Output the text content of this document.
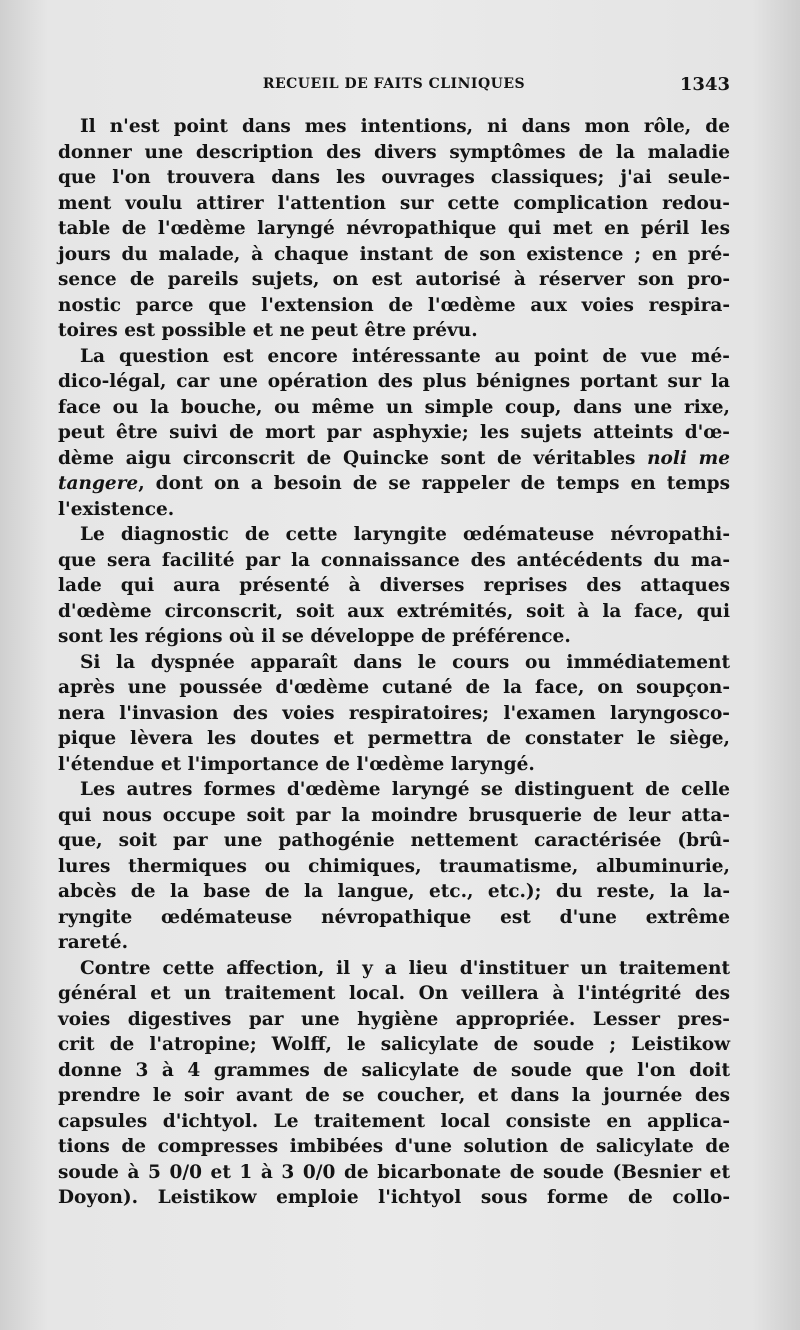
RECUEIL DE FAITS CLINIQUES	1343
Il n'est point dans mes intentions, ni dans mon rôle, de
donner une description des divers symptômes de la maladie
que l'on trouvera dans les ouvrages classiques; j'ai seule-
ment voulu attirer l'attention sur cette complication redou-
table de l'œdème laryngé névropathique qui met en péril les
jours du malade, à chaque instant de son existence ; en pré-
sence de pareils sujets, on est autorisé à réserver son pro-
nostic parce que l'extension de l'œdème aux voies respira-
toires est possible et ne peut être prévu.
La question est encore intéressante au point de vue mé-
dico-légal, car une opération des plus bénignes portant sur la
face ou la bouche, ou même un simple coup, dans une rixe,
peut être suivi de mort par asphyxie; les sujets atteints d'œ-
dème aigu circonscrit de Quincke sont de véritables noli me
tangere, dont on a besoin de se rappeler de temps en temps
l'existence.
Le diagnostic de cette laryngite œdémateuse névropathi-
que sera facilité par la connaissance des antécédents du ma-
lade qui aura présenté à diverses reprises des attaques
d'œdème circonscrit, soit aux extrémités, soit à la face, qui
sont les régions où il se développe de préférence.
Si la dyspnée apparaît dans le cours ou immédiatement
après une poussée d'œdème cutané de la face, on soupçon-
nera l'invasion des voies respiratoires; l'examen laryngosco-
pique lèvera les doutes et permettra de constater le siège,
l'étendue et l'importance de l'œdème laryngé.
Les autres formes d'œdème laryngé se distinguent de celle
qui nous occupe soit par la moindre brusquerie de leur atta-
que, soit par une pathogénie nettement caractérisée (brû-
lures thermiques ou chimiques, traumatisme, albuminurie,
abcès de la base de la langue, etc., etc.); du reste, la la-
ryngite œdémateuse névropathique est d'une extrême
rareté.
Contre cette affection, il y a lieu d'instituer un traitement
général et un traitement local. On veillera à l'intégrité des
voies digestives par une hygiène appropriée. Lesser pres-
crit de l'atropine; Wolff, le salicylate de soude ; Leistikow
donne 3 à 4 grammes de salicylate de soude que l'on doit
prendre le soir avant de se coucher, et dans la journée des
capsules d'ichtyol. Le traitement local consiste en applica-
tions de compresses imbibées d'une solution de salicylate de
soude à 5 0/0 et 1 à 3 0/0 de bicarbonate de soude (Besnier et
Doyon). Leistikow emploie l'ichtyol sous forme de collo-
